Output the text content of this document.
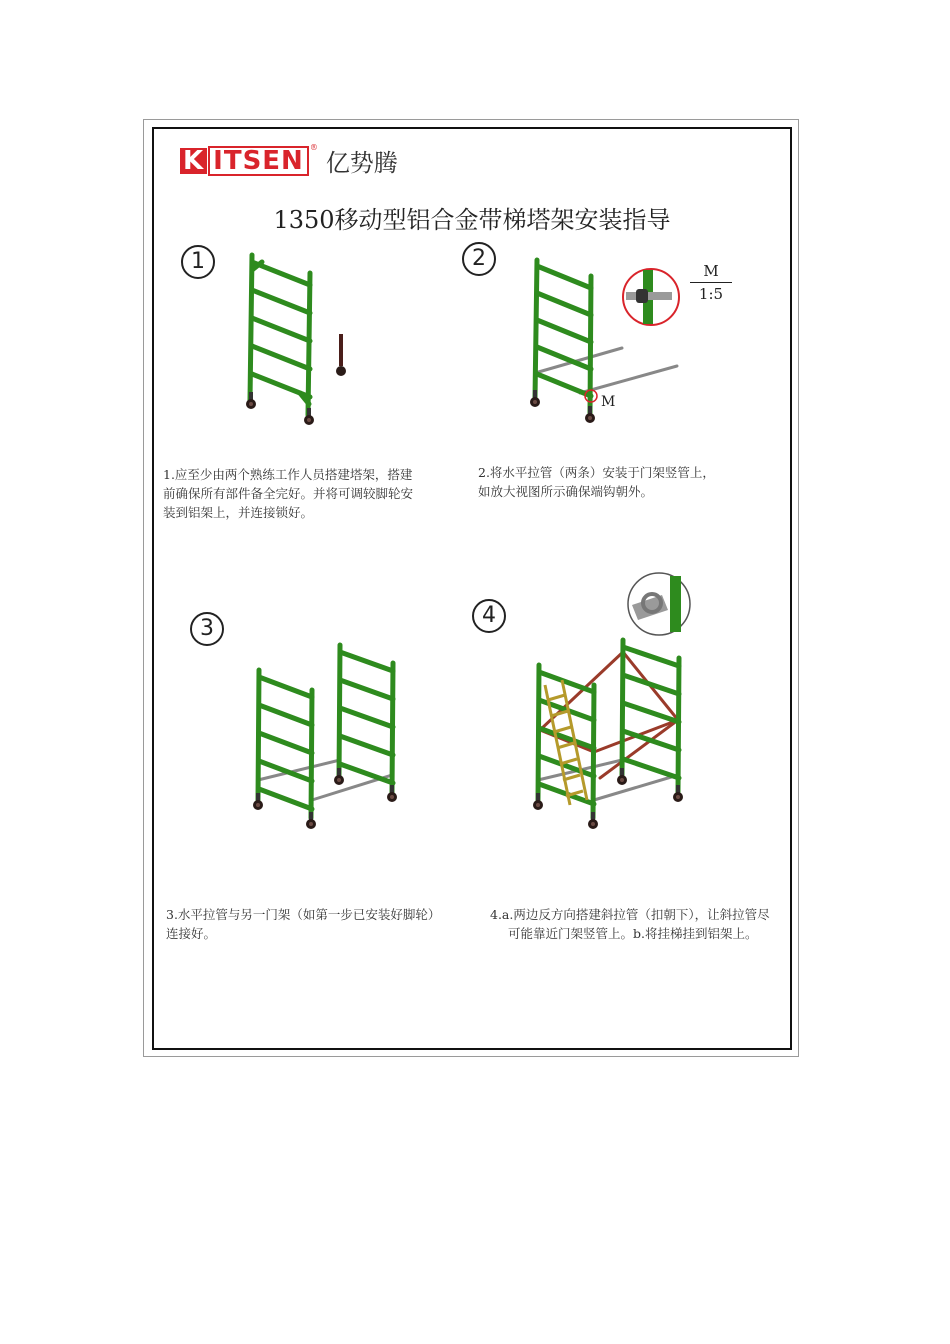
K ITSEN ®
亿势腾
1350移动型铝合金带梯塔架安装指导
1	2
3
4
M
1:5
M
1.应至少由两个熟练工作人员搭建塔架，搭建
前确保所有部件备全完好。并将可调较脚轮安
装到铝架上，并连接锁好。
2.将水平拉管（两条）安装于门架竖管上，
如放大视图所示确保端钩朝外。
3.水平拉管与另一门架（如第一步已安装好脚轮）
连接好。
4.a.两边反方向搭建斜拉管（扣朝下），让斜拉管尽
可能靠近门架竖管上。b.将挂梯挂到铝架上。
